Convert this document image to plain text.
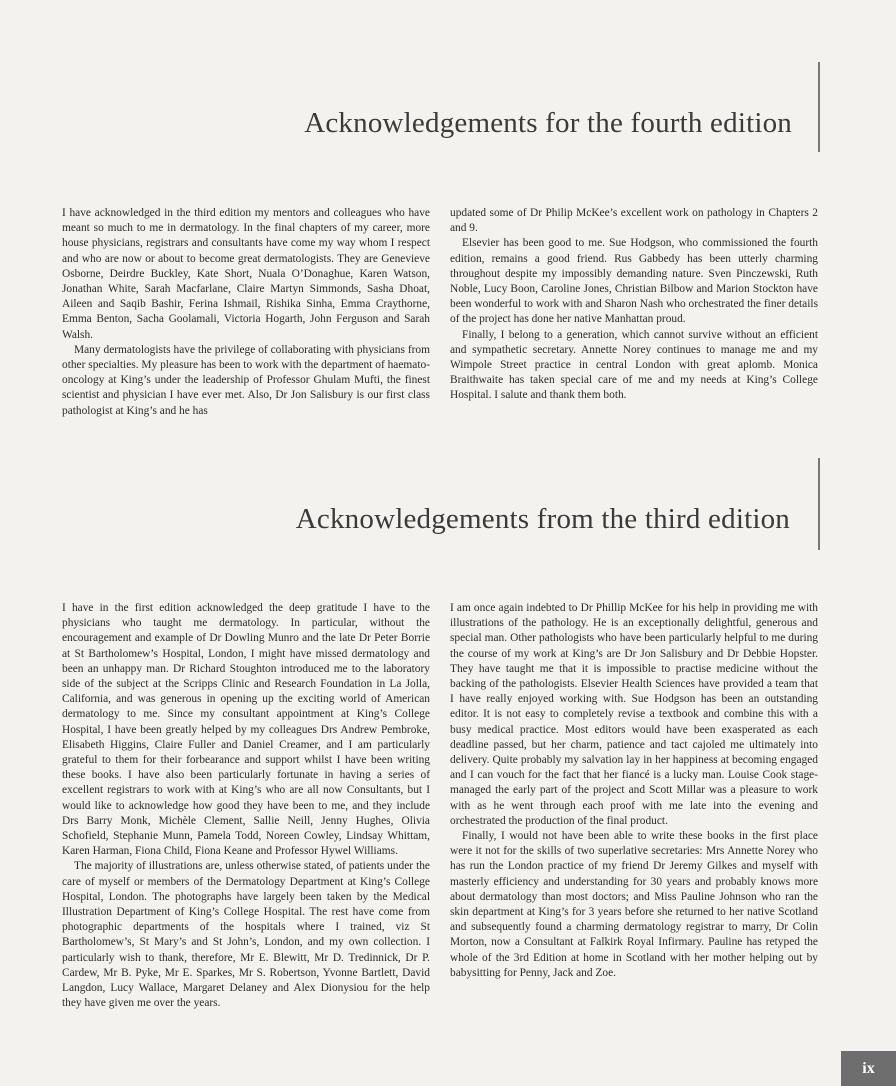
Acknowledgements for the fourth edition

I have acknowledged in the third edition my mentors and colleagues who have meant so much to me in dermatology. In the final chapters of my career, more house physicians, registrars and consultants have come my way whom I respect and who are now or about to become great dermatologists. They are Genevieve Osborne, Deirdre Buckley, Kate Short, Nuala O’Donaghue, Karen Watson, Jonathan White, Sarah Macfarlane, Claire Martyn Simmonds, Sasha Dhoat, Aileen and Saqib Bashir, Ferina Ishmail, Rishika Sinha, Emma Craythorne, Emma Benton, Sacha Goolamali, Victoria Hogarth, John Ferguson and Sarah Walsh.

Many dermatologists have the privilege of collaborating with physicians from other specialties. My pleasure has been to work with the department of haemato-oncology at King’s under the leadership of Professor Ghulam Mufti, the finest scientist and physician I have ever met. Also, Dr Jon Salisbury is our first class pathologist at King’s and he has

updated some of Dr Philip McKee’s excellent work on pathology in Chapters 2 and 9.

Elsevier has been good to me. Sue Hodgson, who commissioned the fourth edition, remains a good friend. Rus Gabbedy has been utterly charming throughout despite my impossibly demanding nature. Sven Pinczewski, Ruth Noble, Lucy Boon, Caroline Jones, Christian Bilbow and Marion Stockton have been wonderful to work with and Sharon Nash who orchestrated the finer details of the project has done her native Manhattan proud.

Finally, I belong to a generation, which cannot survive without an efficient and sympathetic secretary. Annette Norey continues to manage me and my Wimpole Street practice in central London with great aplomb. Monica Braithwaite has taken special care of me and my needs at King’s College Hospital. I salute and thank them both.

Acknowledgements from the third edition

I have in the first edition acknowledged the deep gratitude I have to the physicians who taught me dermatology. In particular, without the encouragement and example of Dr Dowling Munro and the late Dr Peter Borrie at St Bartholomew’s Hospital, London, I might have missed dermatology and been an unhappy man. Dr Richard Stoughton introduced me to the laboratory side of the subject at the Scripps Clinic and Research Foundation in La Jolla, California, and was generous in opening up the exciting world of American dermatology to me. Since my consultant appointment at King’s College Hospital, I have been greatly helped by my colleagues Drs Andrew Pembroke, Elisabeth Higgins, Claire Fuller and Daniel Creamer, and I am particularly grateful to them for their forbearance and support whilst I have been writing these books. I have also been particularly fortunate in having a series of excellent registrars to work with at King’s who are all now Consultants, but I would like to acknowledge how good they have been to me, and they include Drs Barry Monk, Michèle Clement, Sallie Neill, Jenny Hughes, Olivia Schofield, Stephanie Munn, Pamela Todd, Noreen Cowley, Lindsay Whittam, Karen Harman, Fiona Child, Fiona Keane and Professor Hywel Williams.

The majority of illustrations are, unless otherwise stated, of patients under the care of myself or members of the Dermatology Department at King’s College Hospital, London. The photographs have largely been taken by the Medical Illustration Department of King’s College Hospital. The rest have come from photographic departments of the hospitals where I trained, viz St Bartholomew’s, St Mary’s and St John’s, London, and my own collection. I particularly wish to thank, therefore, Mr E. Blewitt, Mr D. Tredinnick, Dr P. Cardew, Mr B. Pyke, Mr E. Sparkes, Mr S. Robertson, Yvonne Bartlett, David Langdon, Lucy Wallace, Margaret Delaney and Alex Dionysiou for the help they have given me over the years.

I am once again indebted to Dr Phillip McKee for his help in providing me with illustrations of the pathology. He is an exceptionally delightful, generous and special man. Other pathologists who have been particularly helpful to me during the course of my work at King’s are Dr Jon Salisbury and Dr Debbie Hopster. They have taught me that it is impossible to practise medicine without the backing of the pathologists. Elsevier Health Sciences have provided a team that I have really enjoyed working with. Sue Hodgson has been an outstanding editor. It is not easy to completely revise a textbook and combine this with a busy medical practice. Most editors would have been exasperated as each deadline passed, but her charm, patience and tact cajoled me ultimately into delivery. Quite probably my salvation lay in her happiness at becoming engaged and I can vouch for the fact that her fiancé is a lucky man. Louise Cook stage-managed the early part of the project and Scott Millar was a pleasure to work with as he went through each proof with me late into the evening and orchestrated the production of the final product.

Finally, I would not have been able to write these books in the first place were it not for the skills of two superlative secretaries: Mrs Annette Norey who has run the London practice of my friend Dr Jeremy Gilkes and myself with masterly efficiency and understanding for 30 years and probably knows more about dermatology than most doctors; and Miss Pauline Johnson who ran the skin department at King’s for 3 years before she returned to her native Scotland and subsequently found a charming dermatology registrar to marry, Dr Colin Morton, now a Consultant at Falkirk Royal Infirmary. Pauline has retyped the whole of the 3rd Edition at home in Scotland with her mother helping out by babysitting for Penny, Jack and Zoe.

ix
